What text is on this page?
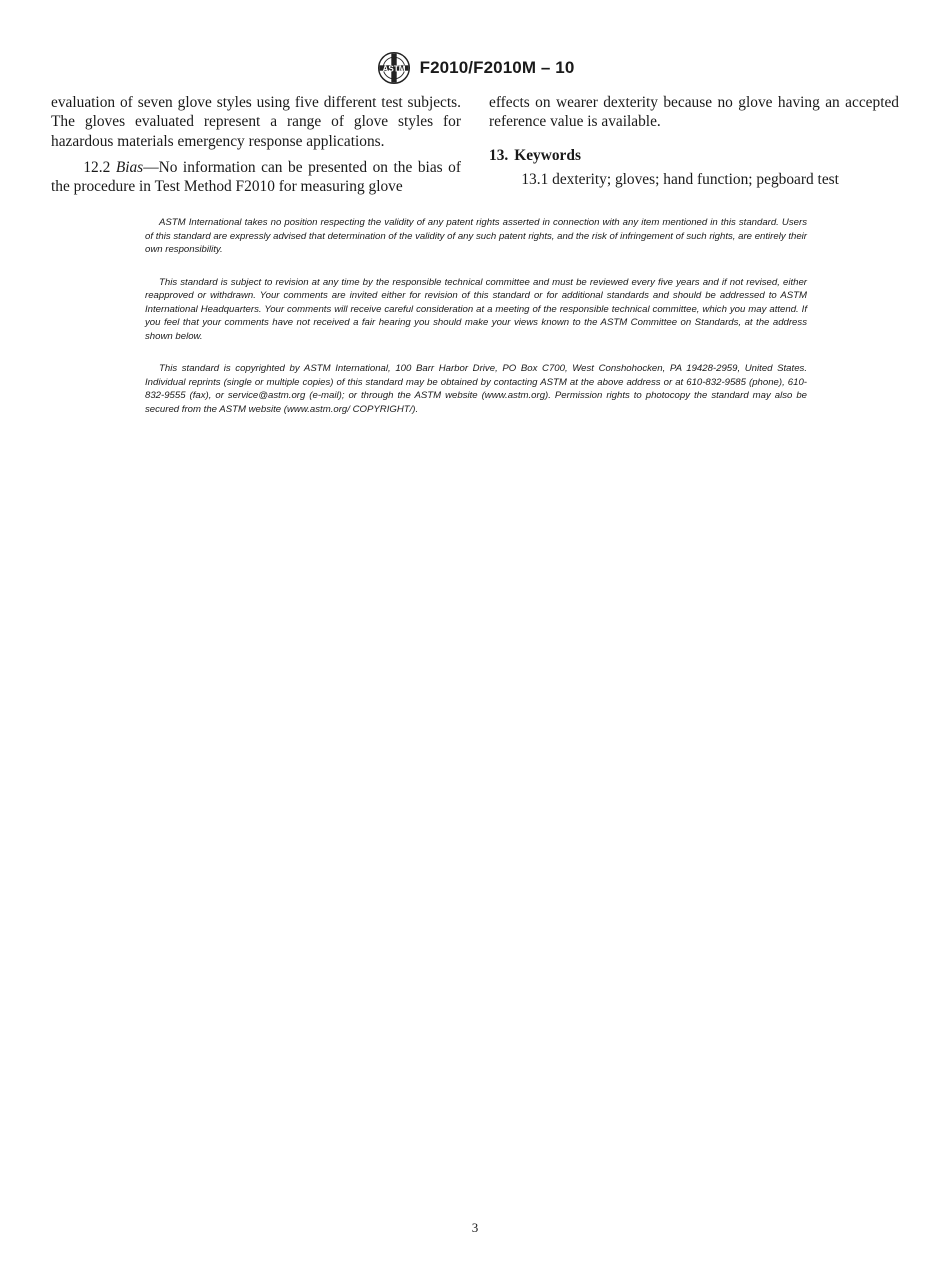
ASTM F2010/F2010M – 10

evaluation of seven glove styles using five different test subjects. The gloves evaluated represent a range of glove styles for hazardous materials emergency response applications.

12.2 Bias—No information can be presented on the bias of the procedure in Test Method F2010 for measuring glove

effects on wearer dexterity because no glove having an accepted reference value is available.

13. Keywords

13.1 dexterity; gloves; hand function; pegboard test

ASTM International takes no position respecting the validity of any patent rights asserted in connection with any item mentioned in this standard. Users of this standard are expressly advised that determination of the validity of any such patent rights, and the risk of infringement of such rights, are entirely their own responsibility.

This standard is subject to revision at any time by the responsible technical committee and must be reviewed every five years and if not revised, either reapproved or withdrawn. Your comments are invited either for revision of this standard or for additional standards and should be addressed to ASTM International Headquarters. Your comments will receive careful consideration at a meeting of the responsible technical committee, which you may attend. If you feel that your comments have not received a fair hearing you should make your views known to the ASTM Committee on Standards, at the address shown below.

This standard is copyrighted by ASTM International, 100 Barr Harbor Drive, PO Box C700, West Conshohocken, PA 19428-2959, United States. Individual reprints (single or multiple copies) of this standard may be obtained by contacting ASTM at the above address or at 610-832-9585 (phone), 610-832-9555 (fax), or service@astm.org (e-mail); or through the ASTM website (www.astm.org). Permission rights to photocopy the standard may also be secured from the ASTM website (www.astm.org/ COPYRIGHT/).

3
